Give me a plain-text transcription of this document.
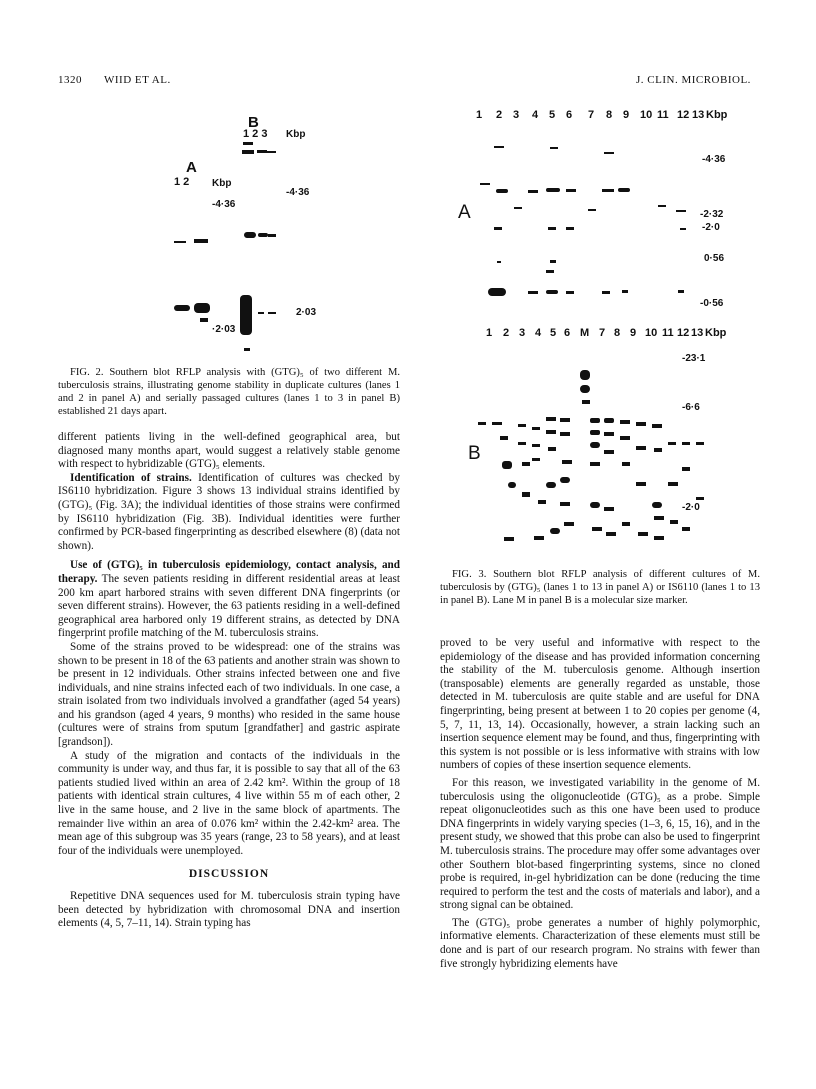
1320 WIID ET AL.	J. CLIN. MICROBIOL.
B
1 2 3 Kbp
A
1 2 Kbp
-4·36
-4·36
2·03
·2·03

FIG. 2. Southern blot RFLP analysis with (GTG)₅ of two different M. tuberculosis strains, illustrating genome stability in duplicate cultures (lanes 1 and 2 in panel A) and serially passaged cultures (lanes 1 to 3 in panel B) established 21 days apart.

1 2 3 4 5 6 7 8 9 10 11 12 13 Kbp
A
-4·36
-2·32
-2·0
0·56
-0·56
1 2 3 4 5 6 M 7 8 9 10 11 12 13 Kbp
-23·1
-6·6
-2·0
B

FIG. 3. Southern blot RFLP analysis of different cultures of M. tuberculosis by (GTG)₅ (lanes 1 to 13 in panel A) or IS6110 (lanes 1 to 13 in panel B). Lane M in panel B is a molecular size marker.

different patients living in the well-defined geographical area, but diagnosed many months apart, would suggest a relatively stable genome with respect to hybridizable (GTG)₅ elements.

Identification of strains. Identification of cultures was checked by IS6110 hybridization. Figure 3 shows 13 individual strains identified by (GTG)₅ (Fig. 3A); the individual identities of those strains were confirmed by IS6110 hybridization (Fig. 3B). Individual identities were further confirmed by PCR-based fingerprinting as described elsewhere (8) (data not shown).

Use of (GTG)₅ in tuberculosis epidemiology, contact analysis, and therapy. The seven patients residing in different residential areas at least 200 km apart harbored strains with seven different DNA fingerprints (or seven different strains). However, the 63 patients residing in a well-defined geographical area harbored only 19 different strains, as detected by DNA fingerprint profile matching of the M. tuberculosis strains.

Some of the strains proved to be widespread: one of the strains was shown to be present in 18 of the 63 patients and another strain was shown to be present in 12 individuals. Other strains infected between one and five individuals, and nine strains infected each of two individuals. In one case, a strain isolated from two individuals involved a grandfather (aged 54 years) and his grandson (aged 4 years, 9 months) who resided in the same house (cultures were of strains from sputum [grandfather] and gastric aspirate [grandson]).

A study of the migration and contacts of the individuals in the community is under way, and thus far, it is possible to say that all of the 63 patients studied lived within an area of 2.42 km². Within the group of 18 patients with identical strain cultures, 4 live within 55 m of each other, 2 live in the same house, and 2 live in the same block of apartments. The remainder live within an area of 0.076 km² within the 2.42-km² area. The mean age of this subgroup was 35 years (range, 23 to 58 years), and at least four of the individuals were unemployed.

DISCUSSION

Repetitive DNA sequences used for M. tuberculosis strain typing have been detected by hybridization with chromosomal DNA and insertion elements (4, 5, 7–11, 14). Strain typing has

proved to be very useful and informative with respect to the epidemiology of the disease and has provided information concerning the stability of the M. tuberculosis genome. Although insertion (transposable) elements are generally regarded as unstable, those detected in M. tuberculosis are quite stable and are useful for DNA fingerprinting, being present at between 1 to 20 copies per genome (4, 5, 7, 11, 13, 14). Occasionally, however, a strain lacking such an insertion sequence element may be found, and thus, fingerprinting with this system is not possible or is less informative with strains with low numbers of copies of these insertion sequence elements.

For this reason, we investigated variability in the genome of M. tuberculosis using the oligonucleotide (GTG)₅ as a probe. Simple repeat oligonucleotides such as this one have been used to produce DNA fingerprints in widely varying species (1–3, 6, 15, 16), and in the present study, we showed that this probe can also be used to fingerprint M. tuberculosis strains. The procedure may offer some advantages over other Southern blot-based fingerprinting systems, since no cloned probe is required, in-gel hybridization can be done (reducing the time required to perform the test and the costs of materials and labor), and a strong signal can be obtained.

The (GTG)₅ probe generates a number of highly polymorphic, informative elements. Characterization of these elements must still be done and is part of our research program. No strains with fewer than five strongly hybridizing elements have
